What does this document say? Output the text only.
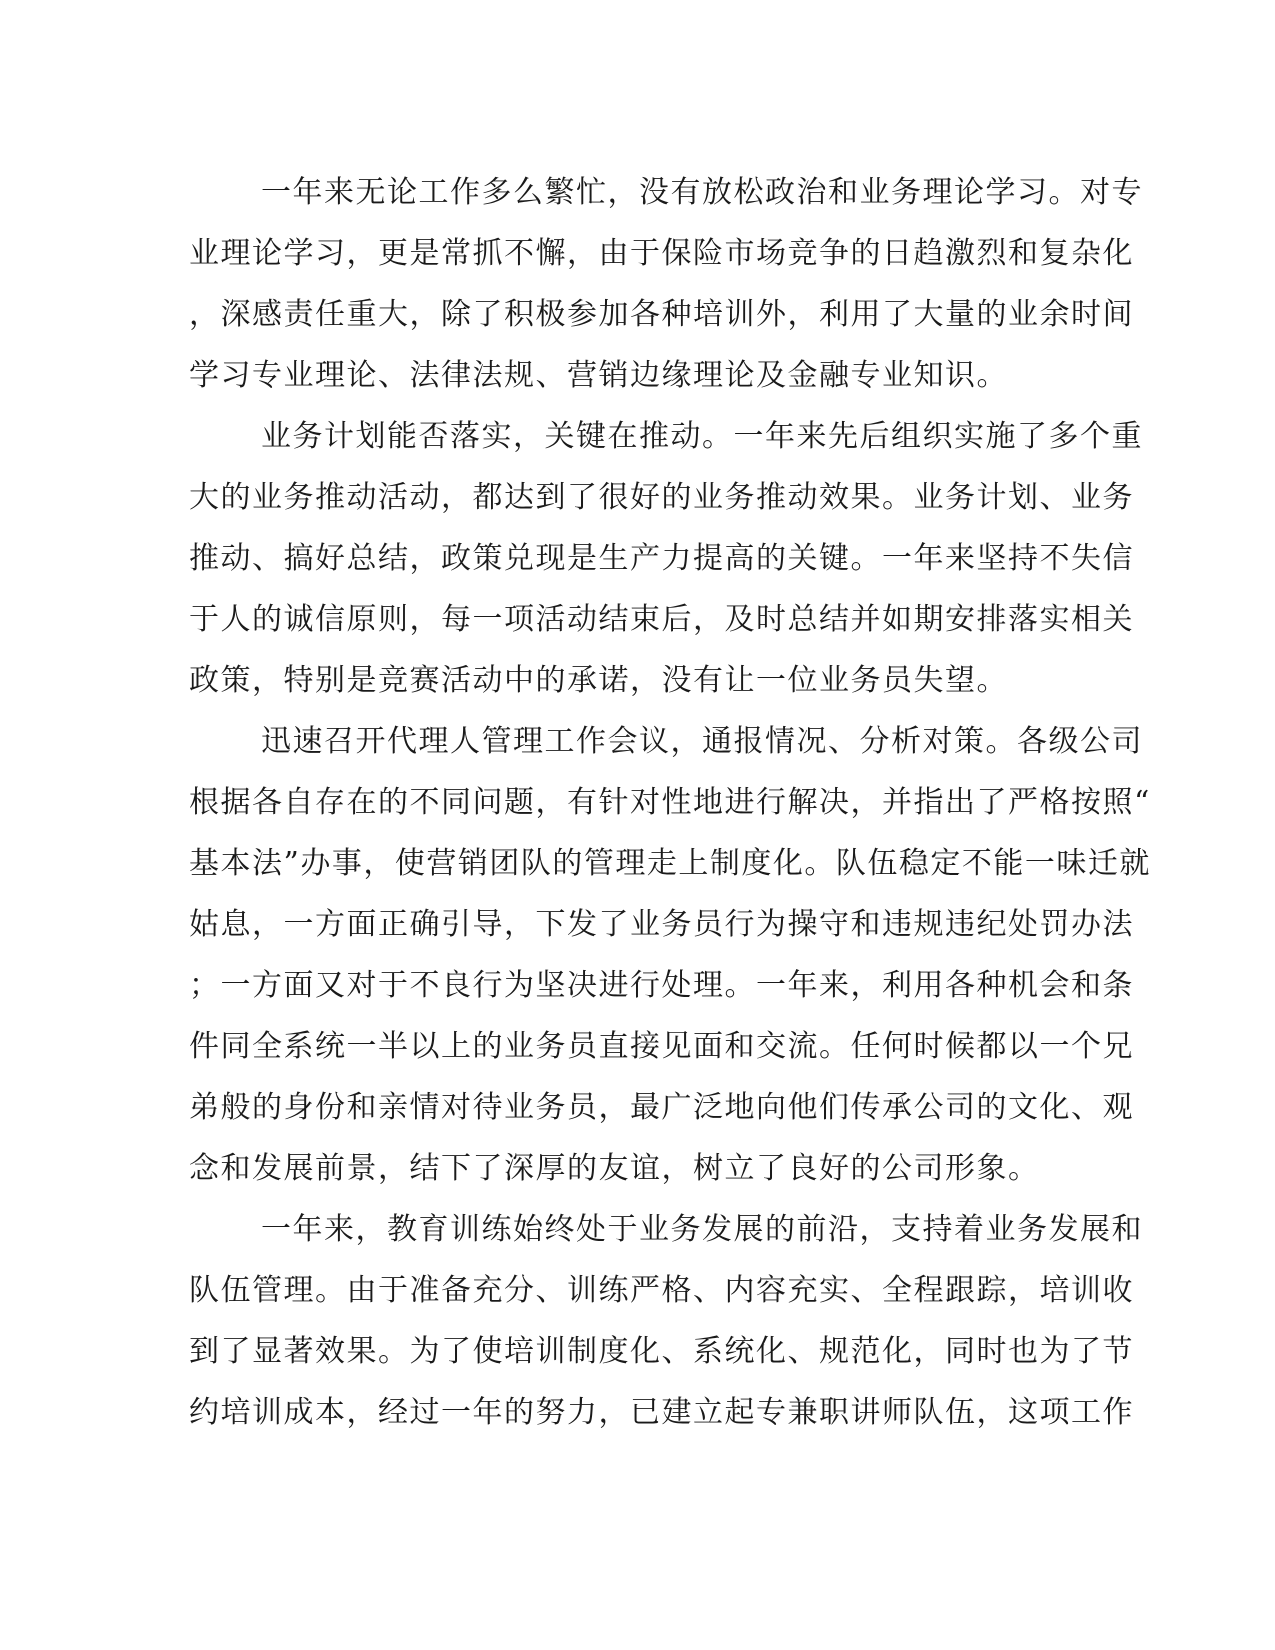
一年来无论工作多么繁忙，没有放松政治和业务理论学习。对专
业理论学习，更是常抓不懈，由于保险市场竞争的日趋激烈和复杂化
，深感责任重大，除了积极参加各种培训外，利用了大量的业余时间
学习专业理论、法律法规、营销边缘理论及金融专业知识。
业务计划能否落实，关键在推动。一年来先后组织实施了多个重
大的业务推动活动，都达到了很好的业务推动效果。业务计划、业务
推动、搞好总结，政策兑现是生产力提高的关键。一年来坚持不失信
于人的诚信原则，每一项活动结束后，及时总结并如期安排落实相关
政策，特别是竞赛活动中的承诺，没有让一位业务员失望。
迅速召开代理人管理工作会议，通报情况、分析对策。各级公司
根据各自存在的不同问题，有针对性地进行解决，并指出了严格按照“
基本法”办事，使营销团队的管理走上制度化。队伍稳定不能一味迁就
姑息，一方面正确引导，下发了业务员行为操守和违规违纪处罚办法
；一方面又对于不良行为坚决进行处理。一年来，利用各种机会和条
件同全系统一半以上的业务员直接见面和交流。任何时候都以一个兄
弟般的身份和亲情对待业务员，最广泛地向他们传承公司的文化、观
念和发展前景，结下了深厚的友谊，树立了良好的公司形象。
一年来，教育训练始终处于业务发展的前沿，支持着业务发展和
队伍管理。由于准备充分、训练严格、内容充实、全程跟踪，培训收
到了显著效果。为了使培训制度化、系统化、规范化，同时也为了节
约培训成本，经过一年的努力，已建立起专兼职讲师队伍，这项工作
